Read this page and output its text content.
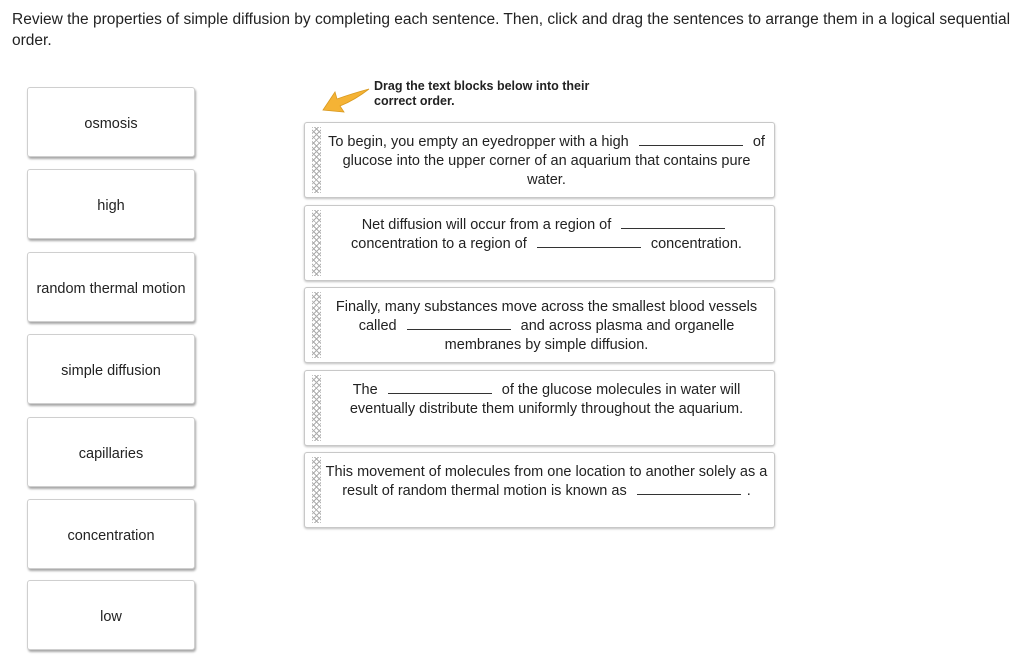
Review the properties of simple diffusion by completing each sentence. Then, click and drag the sentences to arrange them in a logical sequential order.
osmosis
high
random thermal motion
simple diffusion
capillaries
concentration
low
Drag the text blocks below into their correct order.
To begin, you empty an eyedropper with a high	of glucose into the upper corner of an aquarium that contains pure water.
Net diffusion will occur from a region of  concentration to a region of	concentration.
Finally, many substances move across the smallest blood vessels called	and across plasma and organelle membranes by simple diffusion.
The	of the glucose molecules in water will eventually distribute them uniformly throughout the aquarium.
This movement of molecules from one location to another solely as a result of random thermal motion is known as	.
